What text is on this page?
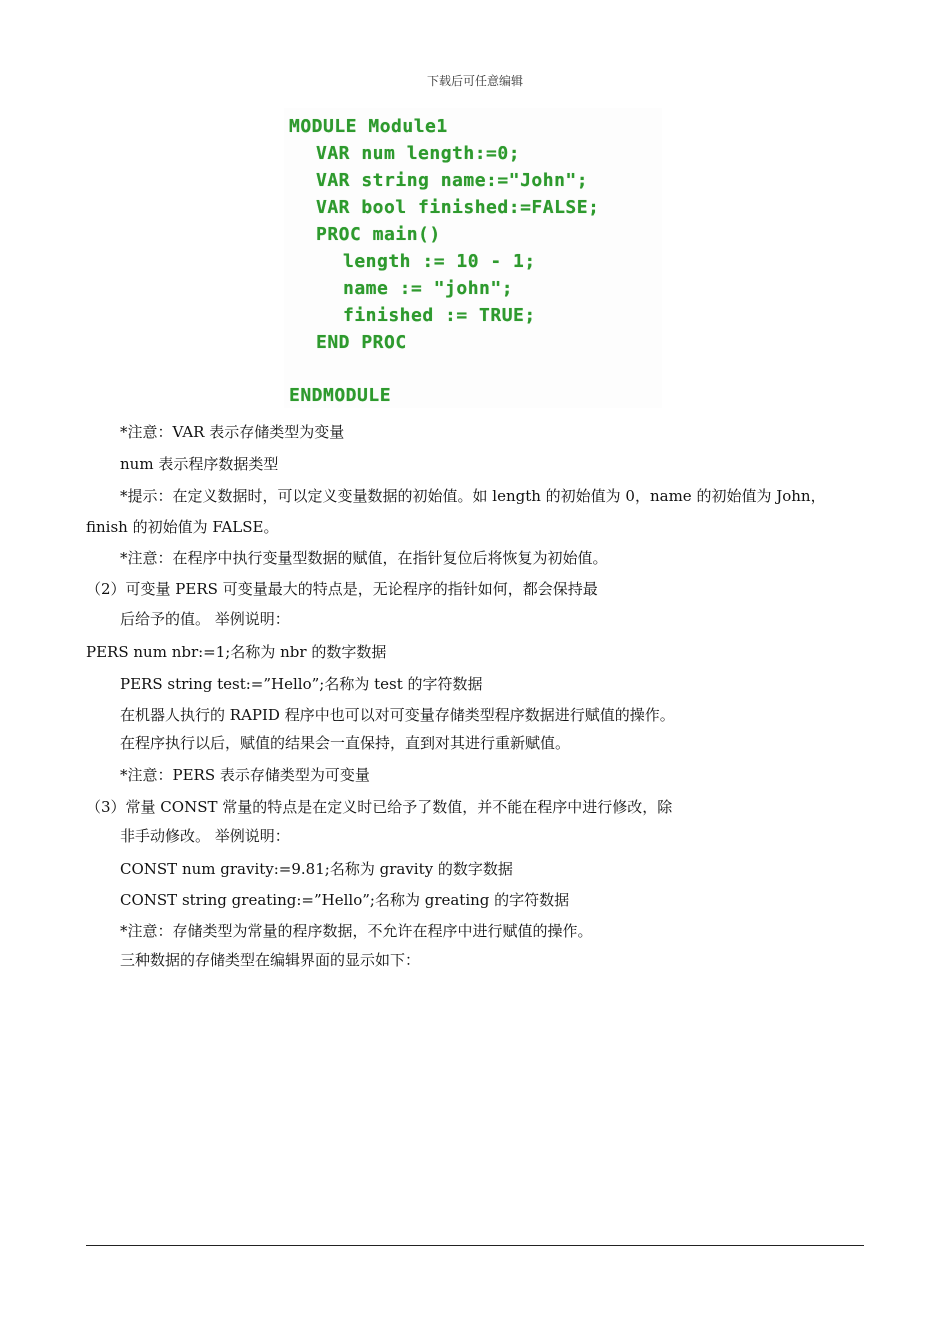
下载后可任意编辑
MODULE Module1
VAR num length:=0;
VAR string name:="John";
VAR bool finished:=FALSE;
PROC main()
length := 10 - 1;
name := "john";
finished := TRUE;
END PROC
ENDMODULE
*注意：VAR 表示存储类型为变量
num 表示程序数据类型
*提示：在定义数据时，可以定义变量数据的初始值。如 length 的初始值为 0，name 的初始值为 John，
finish 的初始值为 FALSE。
*注意：在程序中执行变量型数据的赋值，在指针复位后将恢复为初始值。
（2）可变量 PERS 可变量最大的特点是，无论程序的指针如何，都会保持最
后给予的值。 举例说明：
PERS num nbr:=1;名称为 nbr 的数字数据
PERS string test:=”Hello”;名称为 test 的字符数据
在机器人执行的 RAPID 程序中也可以对可变量存储类型程序数据进行赋值的操作。
在程序执行以后，赋值的结果会一直保持，直到对其进行重新赋值。
*注意：PERS 表示存储类型为可变量
（3）常量 CONST 常量的特点是在定义时已给予了数值，并不能在程序中进行修改，除
非手动修改。 举例说明：
CONST num gravity:=9.81;名称为 gravity 的数字数据
CONST string greating:=”Hello”;名称为 greating 的字符数据
*注意：存储类型为常量的程序数据，不允许在程序中进行赋值的操作。
三种数据的存储类型在编辑界面的显示如下：
